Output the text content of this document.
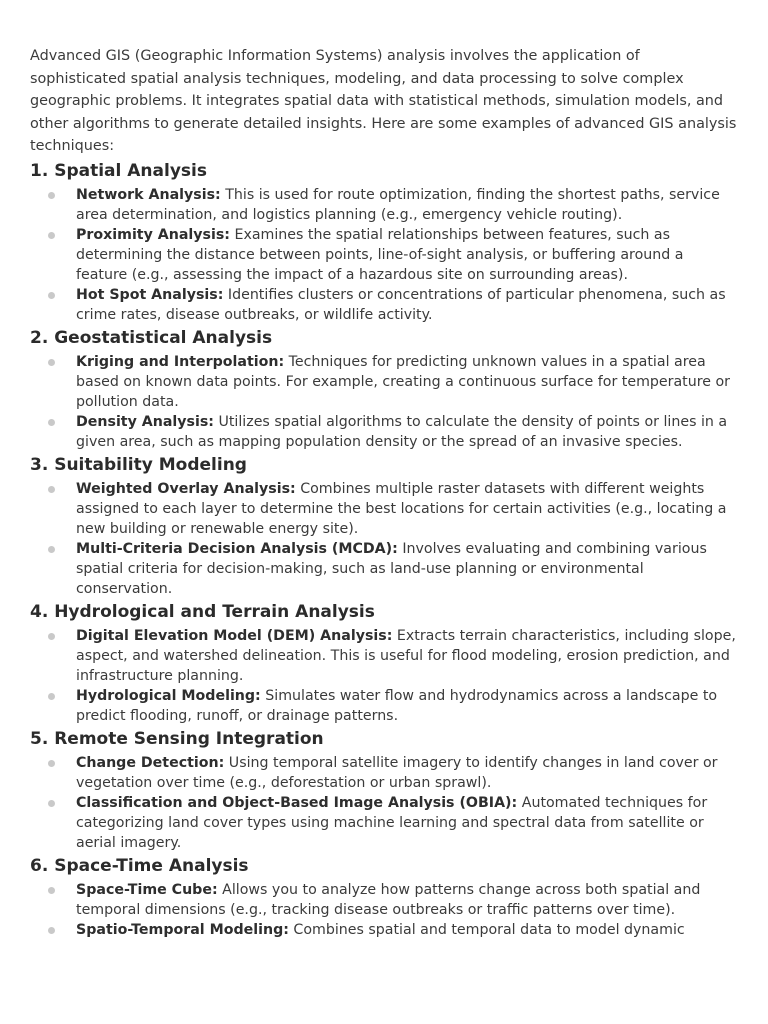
Advanced GIS (Geographic Information Systems) analysis involves the application of sophisticated spatial analysis techniques, modeling, and data processing to solve complex geographic problems. It integrates spatial data with statistical methods, simulation models, and other algorithms to generate detailed insights. Here are some examples of advanced GIS analysis techniques:

1. Spatial Analysis
Network Analysis: This is used for route optimization, finding the shortest paths, service area determination, and logistics planning (e.g., emergency vehicle routing).
Proximity Analysis: Examines the spatial relationships between features, such as determining the distance between points, line-of-sight analysis, or buffering around a feature (e.g., assessing the impact of a hazardous site on surrounding areas).
Hot Spot Analysis: Identifies clusters or concentrations of particular phenomena, such as crime rates, disease outbreaks, or wildlife activity.
2. Geostatistical Analysis
Kriging and Interpolation: Techniques for predicting unknown values in a spatial area based on known data points. For example, creating a continuous surface for temperature or pollution data.
Density Analysis: Utilizes spatial algorithms to calculate the density of points or lines in a given area, such as mapping population density or the spread of an invasive species.
3. Suitability Modeling
Weighted Overlay Analysis: Combines multiple raster datasets with different weights assigned to each layer to determine the best locations for certain activities (e.g., locating a new building or renewable energy site).
Multi-Criteria Decision Analysis (MCDA): Involves evaluating and combining various spatial criteria for decision-making, such as land-use planning or environmental conservation.
4. Hydrological and Terrain Analysis
Digital Elevation Model (DEM) Analysis: Extracts terrain characteristics, including slope, aspect, and watershed delineation. This is useful for flood modeling, erosion prediction, and infrastructure planning.
Hydrological Modeling: Simulates water flow and hydrodynamics across a landscape to predict flooding, runoff, or drainage patterns.
5. Remote Sensing Integration
Change Detection: Using temporal satellite imagery to identify changes in land cover or vegetation over time (e.g., deforestation or urban sprawl).
Classification and Object-Based Image Analysis (OBIA): Automated techniques for categorizing land cover types using machine learning and spectral data from satellite or aerial imagery.
6. Space-Time Analysis
Space-Time Cube: Allows you to analyze how patterns change across both spatial and temporal dimensions (e.g., tracking disease outbreaks or traffic patterns over time).
Spatio-Temporal Modeling: Combines spatial and temporal data to model dynamic
